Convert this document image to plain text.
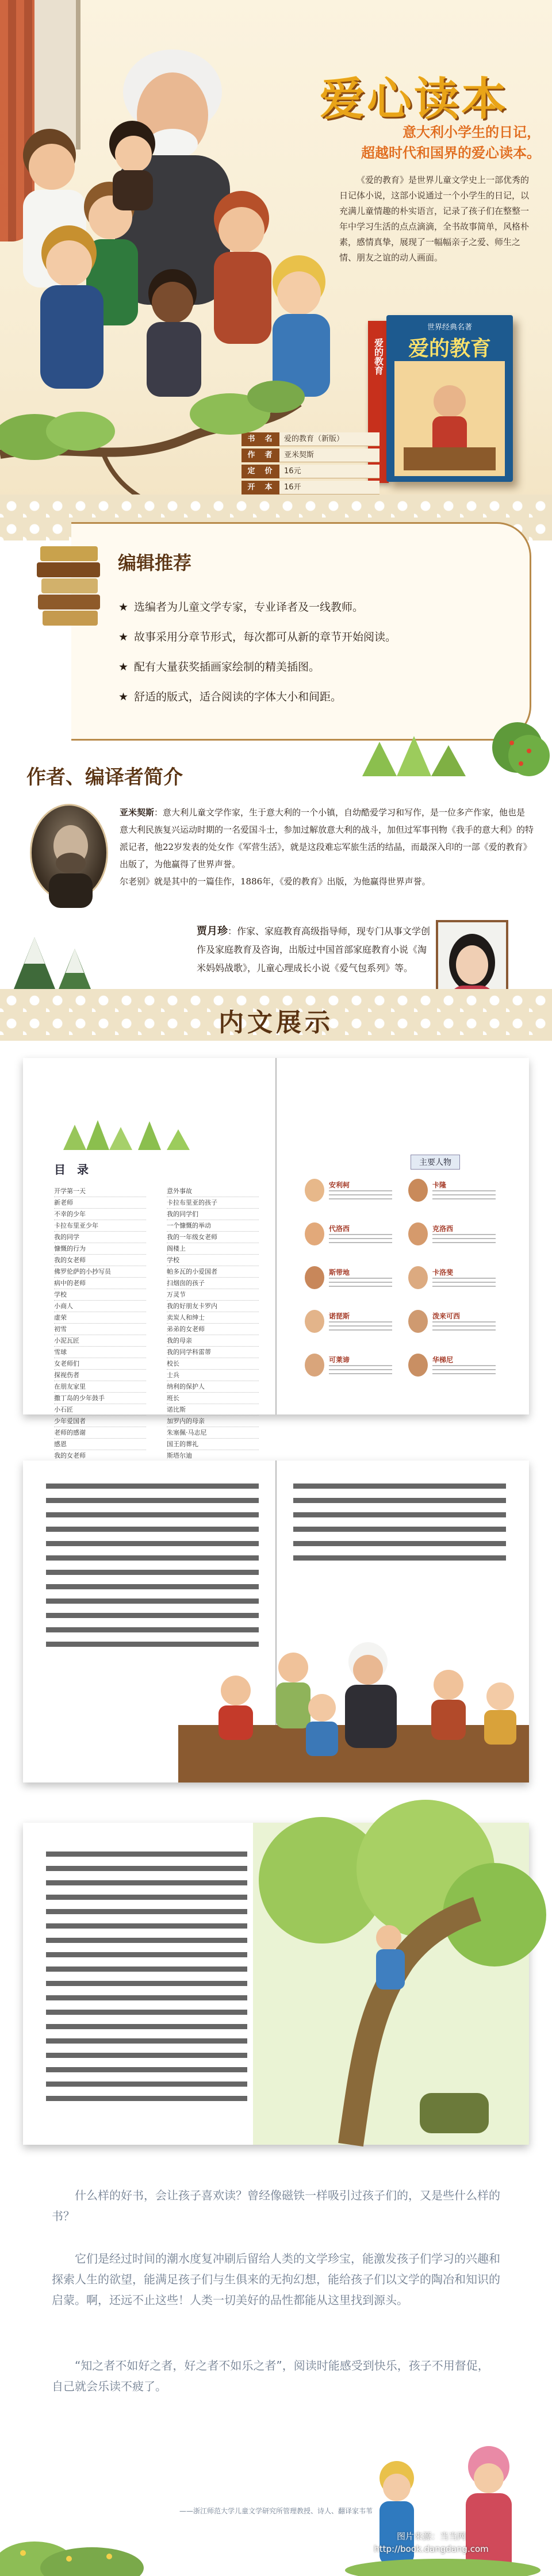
爱心读本
意大利小学生的日记，
超越时代和国界的爱心读本。

《爱的教育》是世界儿童文学史上一部优秀的日记体小说，这部小说通过一个小学生的日记，以充满儿童情趣的朴实语言，记录了孩子们在整整一年中学习生活的点点滴滴，全书故事简单，风格朴素，感情真挚，展现了一幅幅亲子之爱、师生之情、朋友之谊的动人画面。

爱的教育
世界经典名著
爱的教育
书　名	爱的教育（新版）
作　者	亚米契斯
定　价	16元
开　本	16开
编辑推荐
★ 选编者为儿童文学专家，专业译者及一线教师。
★ 故事采用分章节形式，每次都可从新的章节开始阅读。
★ 配有大量获奖插画家绘制的精美插图。
★ 舒适的版式，适合阅读的字体大小和间距。
作者、编译者简介

亚米契斯：意大利儿童文学作家，生于意大利的一个小镇，自幼酷爱学习和写作，是一位多产作家，他也是意大利民族复兴运动时期的一名爱国斗士，参加过解放意大利的战斗，加但过军事刊物《我手的意大利》的特派记者，他22岁发表的处女作《军营生活》，就是这段难忘军旅生活的结晶，而最深入印的一部《爱的教育》出版了，为他赢得了世界声誉。
尔老别》就是其中的一篇佳作，1886年，《爱的教育》出版，为他赢得世界声誉。

贾月珍：作家、家庭教育高级指导师，现专门从事文学创作及家庭教育及咨询，出版过中国首部家庭教育小说《淘米妈妈战歌》，儿童心理成长小说《爱气包系列》等。

内文展示
目　录
开学第一天
新老师
不幸的少年
卡拉布里亚少年
我的同学
慷慨的行为
我的女老师
佛罗伦萨的小抄写员
病中的老师
学校
小商人
虚荣
初雪
小泥瓦匠
雪球
女老师们
探视伤者
在朋友家里
撒丁岛的少年鼓手
小石匠
少年爱国者
老师的感谢
感恩
我的女老师
意外事故
卡拉布里亚的孩子
我的同学们
一个慷慨的举动
我的一年级女老师
阁楼上
学校
帕多瓦的小爱国者
扫烟囱的孩子
万灵节
我的好朋友卡罗内
卖炭人和绅士
弟弟的女老师
我的母亲
我的同学科雷蒂
校长
士兵
纳利的保护人
班长
诺比斯
加罗内的母亲
朱塞佩·马志尼
国王的葬礼
斯塔尔迪
主要人物
安利柯	卡隆
代洛西	克洛西
斯带地	卡洛斐
诺琵斯	泼来可西
可莱谛	华梯尼

什么样的好书，会让孩子喜欢读？曾经像磁铁一样吸引过孩子们的，又是些什么样的书？

它们是经过时间的潮水度复冲刷后留给人类的文学珍宝，能激发孩子们学习的兴趣和探索人生的欲望，能满足孩子们与生俱来的无拘幻想，能给孩子们以文学的陶冶和知识的启蒙。啊，还远不止这些！人类一切美好的品性都能从这里找到源头。

“知之者不如好之者，好之者不如乐之者”，阅读时能感受到快乐，孩子不用督促，自己就会乐读不疲了。

——浙江师范大学儿童文学研究所管理教授、诗人、翻译家韦苇
图片来源：当当网
http://book.dangdang.com
